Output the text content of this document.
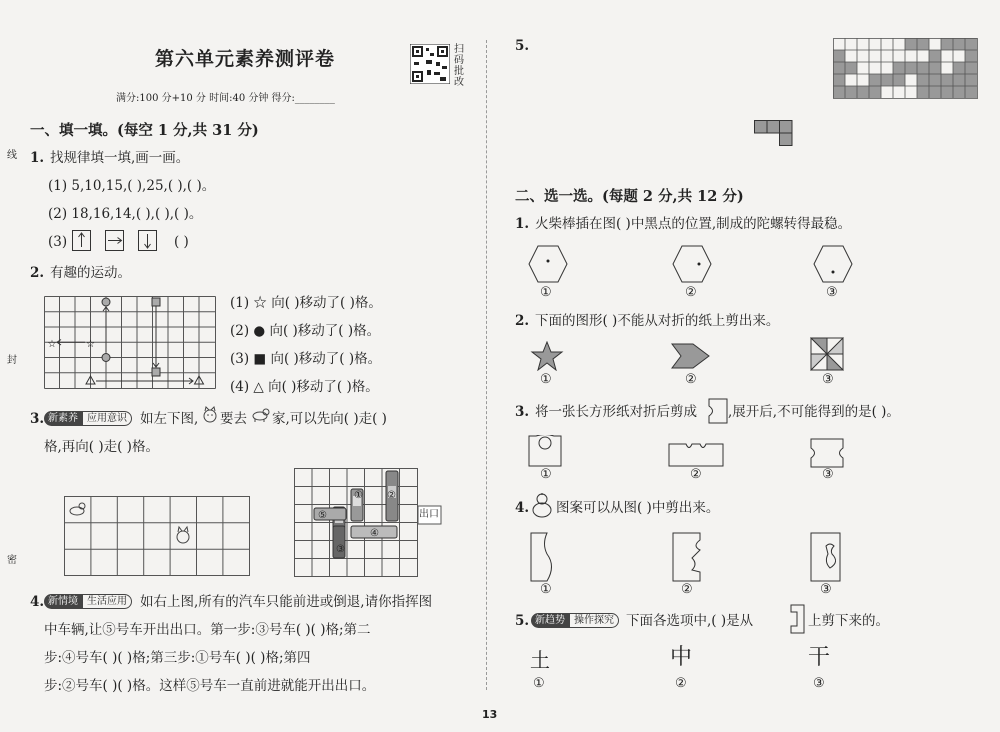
线
封
密
第六单元素养测评卷	扫码批改
满分:100 分+10 分 时间:40 分钟 得分:________
一、填一填。(每空 1 分,共 31 分)
1. 找规律填一填,画一画。
(1) 5,10,15,( ),25,( ),( )。
(2) 18,16,14,( ),( ),( )。
(3)	( )
2. 有趣的运动。
☆	☆
(1) ☆ 向( )移动了( )格。
(2) ● 向( )移动了( )格。
(3) ■ 向( )移动了( )格。
(4) △ 向( )移动了( )格。
3. 新素养 应用意识 如左下图, 要去 家,可以先向( )走( )
格,再向( )走( )格。
① ②
③
④
⑤	出口
4. 新情境 生活应用 如右上图,所有的汽车只能前进或倒退,请你指挥图
中车辆,让⑤号车开出出口。第一步:③号车( )( )格;第二
步:④号车( )( )格;第三步:①号车( )( )格;第四
步:②号车( )( )格。这样⑤号车一直前进就能开出出口。
13
5.
二、选一选。(每题 2 分,共 12 分)
1. 火柴棒插在图( )中黑点的位置,制成的陀螺转得最稳。
①	②	③
2. 下面的图形( )不能从对折的纸上剪出来。
①	②	③
3. 将一张长方形纸对折后剪成 ,展开后,不可能得到的是( )。
①	②	③
4. 图案可以从图( )中剪出来。
①	②	③
5. 新趋势 操作探究 下面各选项中,( )是从	上剪下来的。
土	中	干
①	②	③
